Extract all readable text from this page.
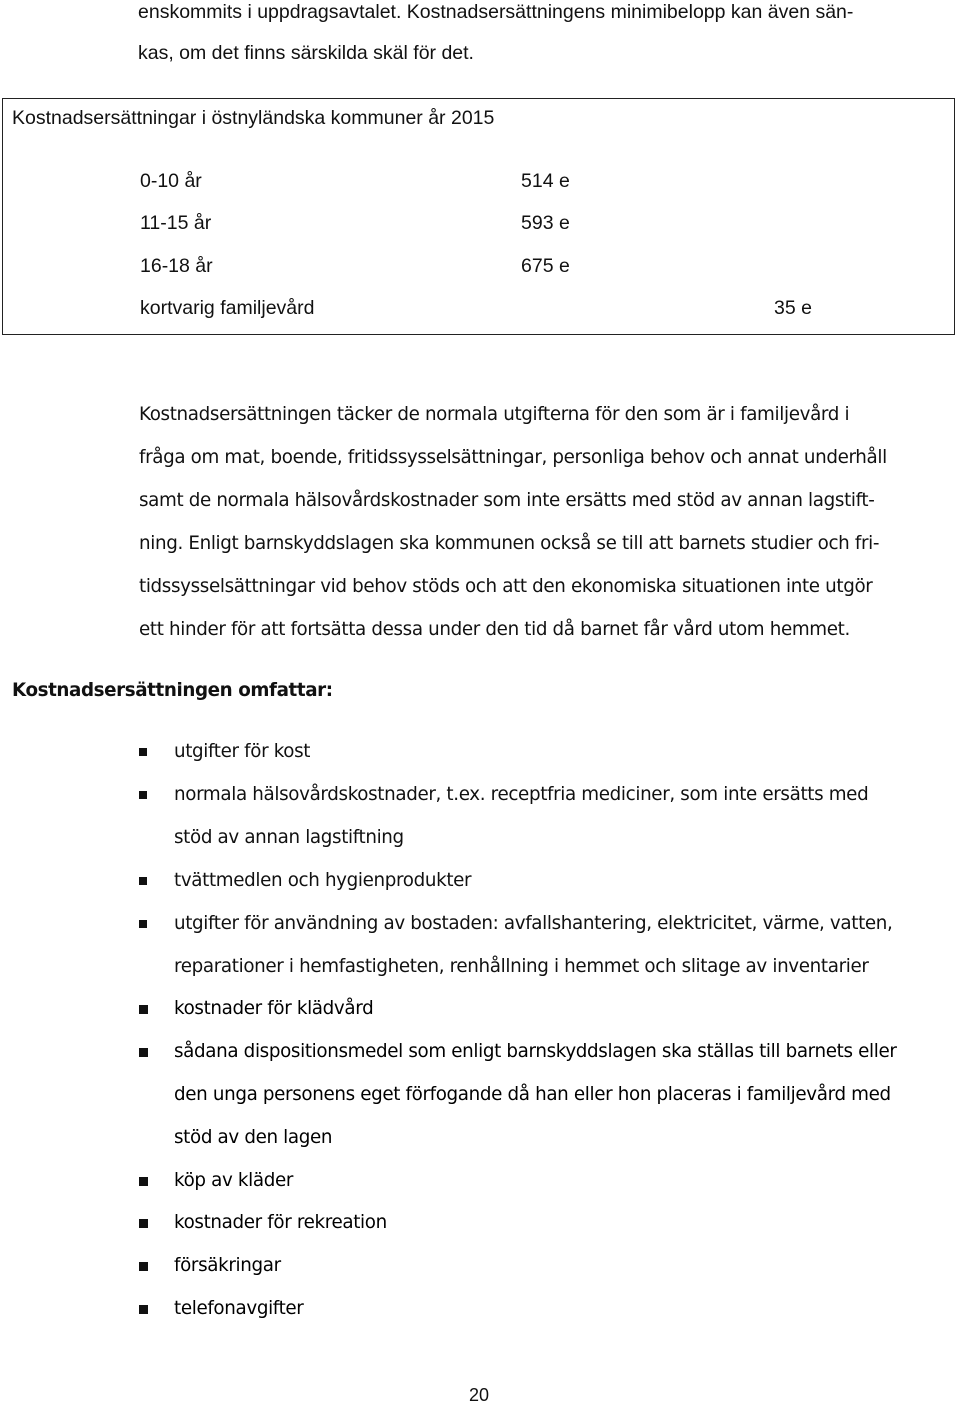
enskommits i uppdragsavtalet. Kostnadsersättningens minimibelopp kan även sän-
kas, om det finns särskilda skäl för det.
Kostnadsersättningar i östnyländska kommuner år 2015
0-10 år	514 e
11-15 år	593 e
16-18 år	675 e
kortvarig familjevård	35 e
Kostnadsersättningen täcker de normala utgifterna för den som är i familjevård i
fråga om mat, boende, fritidssysselsättningar, personliga behov och annat underhåll
samt de normala hälsovårdskostnader som inte ersätts med stöd av annan lagstift-
ning. Enligt barnskyddslagen ska kommunen också se till att barnets studier och fri-
tidssysselsättningar vid behov stöds och att den ekonomiska situationen inte utgör
ett hinder för att fortsätta dessa under den tid då barnet får vård utom hemmet.
Kostnadsersättningen omfattar:
utgifter för kost
normala hälsovårdskostnader, t.ex. receptfria mediciner, som inte ersätts med
stöd av annan lagstiftning
tvättmedlen och hygienprodukter
utgifter för användning av bostaden: avfallshantering, elektricitet, värme, vatten,
reparationer i hemfastigheten, renhållning i hemmet och slitage av inventarier
kostnader för klädvård
sådana dispositionsmedel som enligt barnskyddslagen ska ställas till barnets eller
den unga personens eget förfogande då han eller hon placeras i familjevård med
stöd av den lagen
köp av kläder
kostnader för rekreation
försäkringar
telefonavgifter
20
